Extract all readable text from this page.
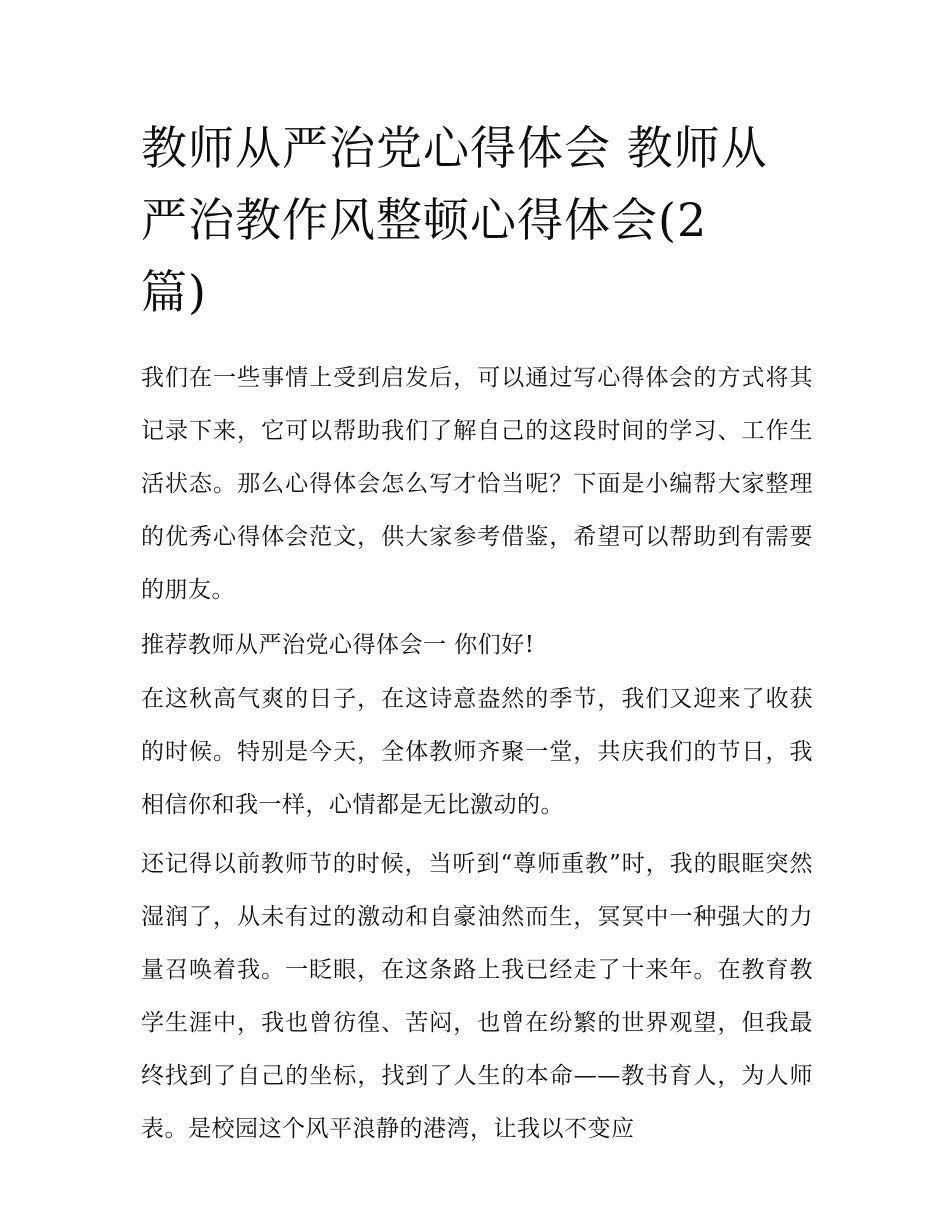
教师从严治党心得体会 教师从
严治教作风整顿心得体会(2
篇)

我们在一些事情上受到启发后，可以通过写心得体会的方式将其记录下来，它可以帮助我们了解自己的这段时间的学习、工作生活状态。那么心得体会怎么写才恰当呢？下面是小编帮大家整理的优秀心得体会范文，供大家参考借鉴，希望可以帮助到有需要的朋友。

推荐教师从严治党心得体会一 你们好!

在这秋高气爽的日子，在这诗意盎然的季节，我们又迎来了收获的时候。特别是今天，全体教师齐聚一堂，共庆我们的节日，我相信你和我一样，心情都是无比激动的。

还记得以前教师节的时候，当听到“尊师重教”时，我的眼眶突然湿润了，从未有过的激动和自豪油然而生，冥冥中一种强大的力量召唤着我。一眨眼，在这条路上我已经走了十来年。在教育教学生涯中，我也曾彷徨、苦闷，也曾在纷繁的世界观望，但我最终找到了自己的坐标，找到了人生的本命——教书育人，为人师表。是校园这个风平浪静的港湾，让我以不变应
